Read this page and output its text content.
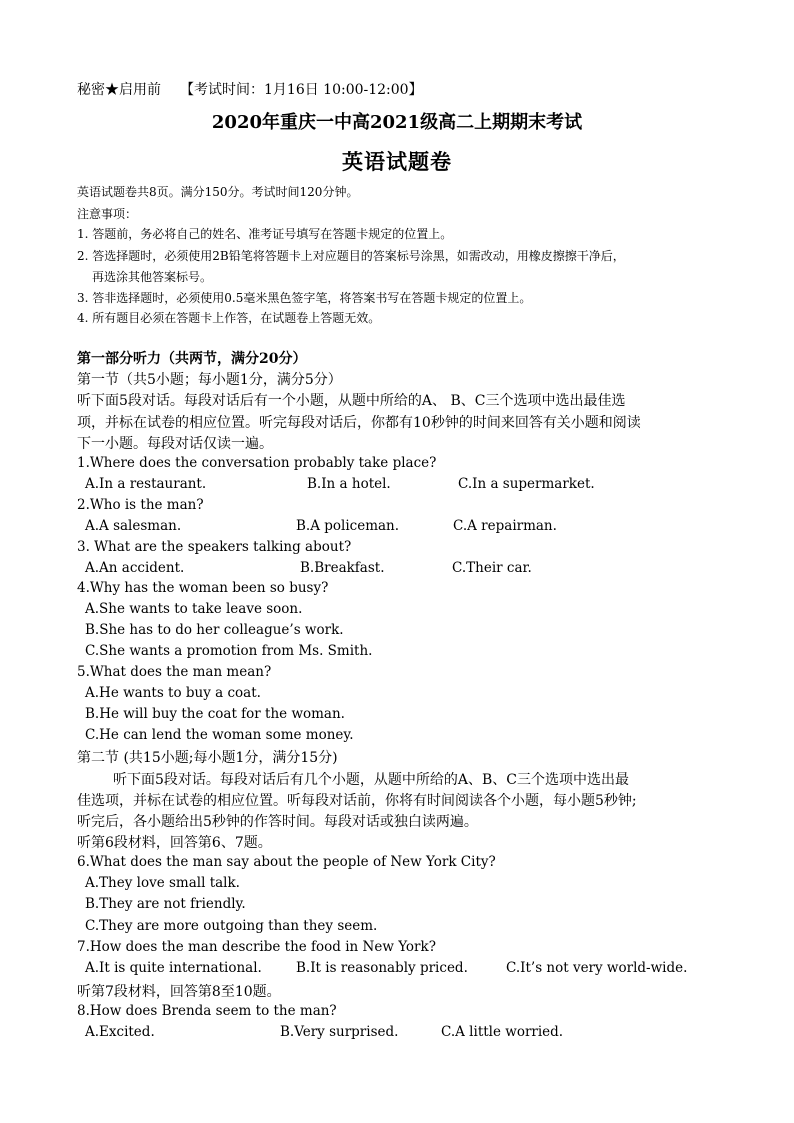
秘密★启用前 【考试时间：1月16日 10:00-12:00】
2020年重庆一中高2021级高二上期期末考试
英语试题卷
英语试题卷共8页。满分150分。考试时间120分钟。
注意事项：
1. 答题前，务必将自己的姓名、准考证号填写在答题卡规定的位置上。
2. 答选择题时，必须使用2B铅笔将答题卡上对应题目的答案标号涂黑，如需改动，用橡皮擦擦干净后，
再选涂其他答案标号。
3. 答非选择题时，必须使用0.5毫米黑色签字笔，将答案书写在答题卡规定的位置上。
4. 所有题目必须在答题卡上作答，在试题卷上答题无效。
第一部分听力（共两节，满分20分）
第一节（共5小题；每小题1分，满分5分）
听下面5段对话。每段对话后有一个小题，从题中所给的A、 B、C三个选项中选出最佳选
项，并标在试卷的相应位置。听完每段对话后，你都有10秒钟的时间来回答有关小题和阅读
下一小题。每段对话仅读一遍。
1.Where does the conversation probably take place?
A.In a restaurant.	B.In a hotel.	C.In a supermarket.
2.Who is the man?
A.A salesman.	B.A policeman.	C.A repairman.
3. What are the speakers talking about?
A.An accident.	B.Breakfast.	C.Their car.
4.Why has the woman been so busy?
A.She wants to take leave soon.
B.She has to do her colleague’s work.
C.She wants a promotion from Ms. Smith.
5.What does the man mean?
A.He wants to buy a coat.
B.He will buy the coat for the woman.
C.He can lend the woman some money.
第二节 (共15小题;每小题1分，满分15分)
听下面5段对话。每段对话后有几个小题，从题中所给的A、B、C三个选项中选出最
佳选项，并标在试卷的相应位置。听每段对话前，你将有时间阅读各个小题，每小题5秒钟;
听完后，各小题给出5秒钟的作答时间。每段对话或独白读两遍。
听第6段材料，回答第6、7题。
6.What does the man say about the people of New York City?
A.They love small talk.
B.They are not friendly.
C.They are more outgoing than they seem.
7.How does the man describe the food in New York?
A.It is quite international.	B.It is reasonably priced.	C.It’s not very world-wide.
听第7段材料，回答第8至10题。
8.How does Brenda seem to the man?
A.Excited.	B.Very surprised.	C.A little worried.
